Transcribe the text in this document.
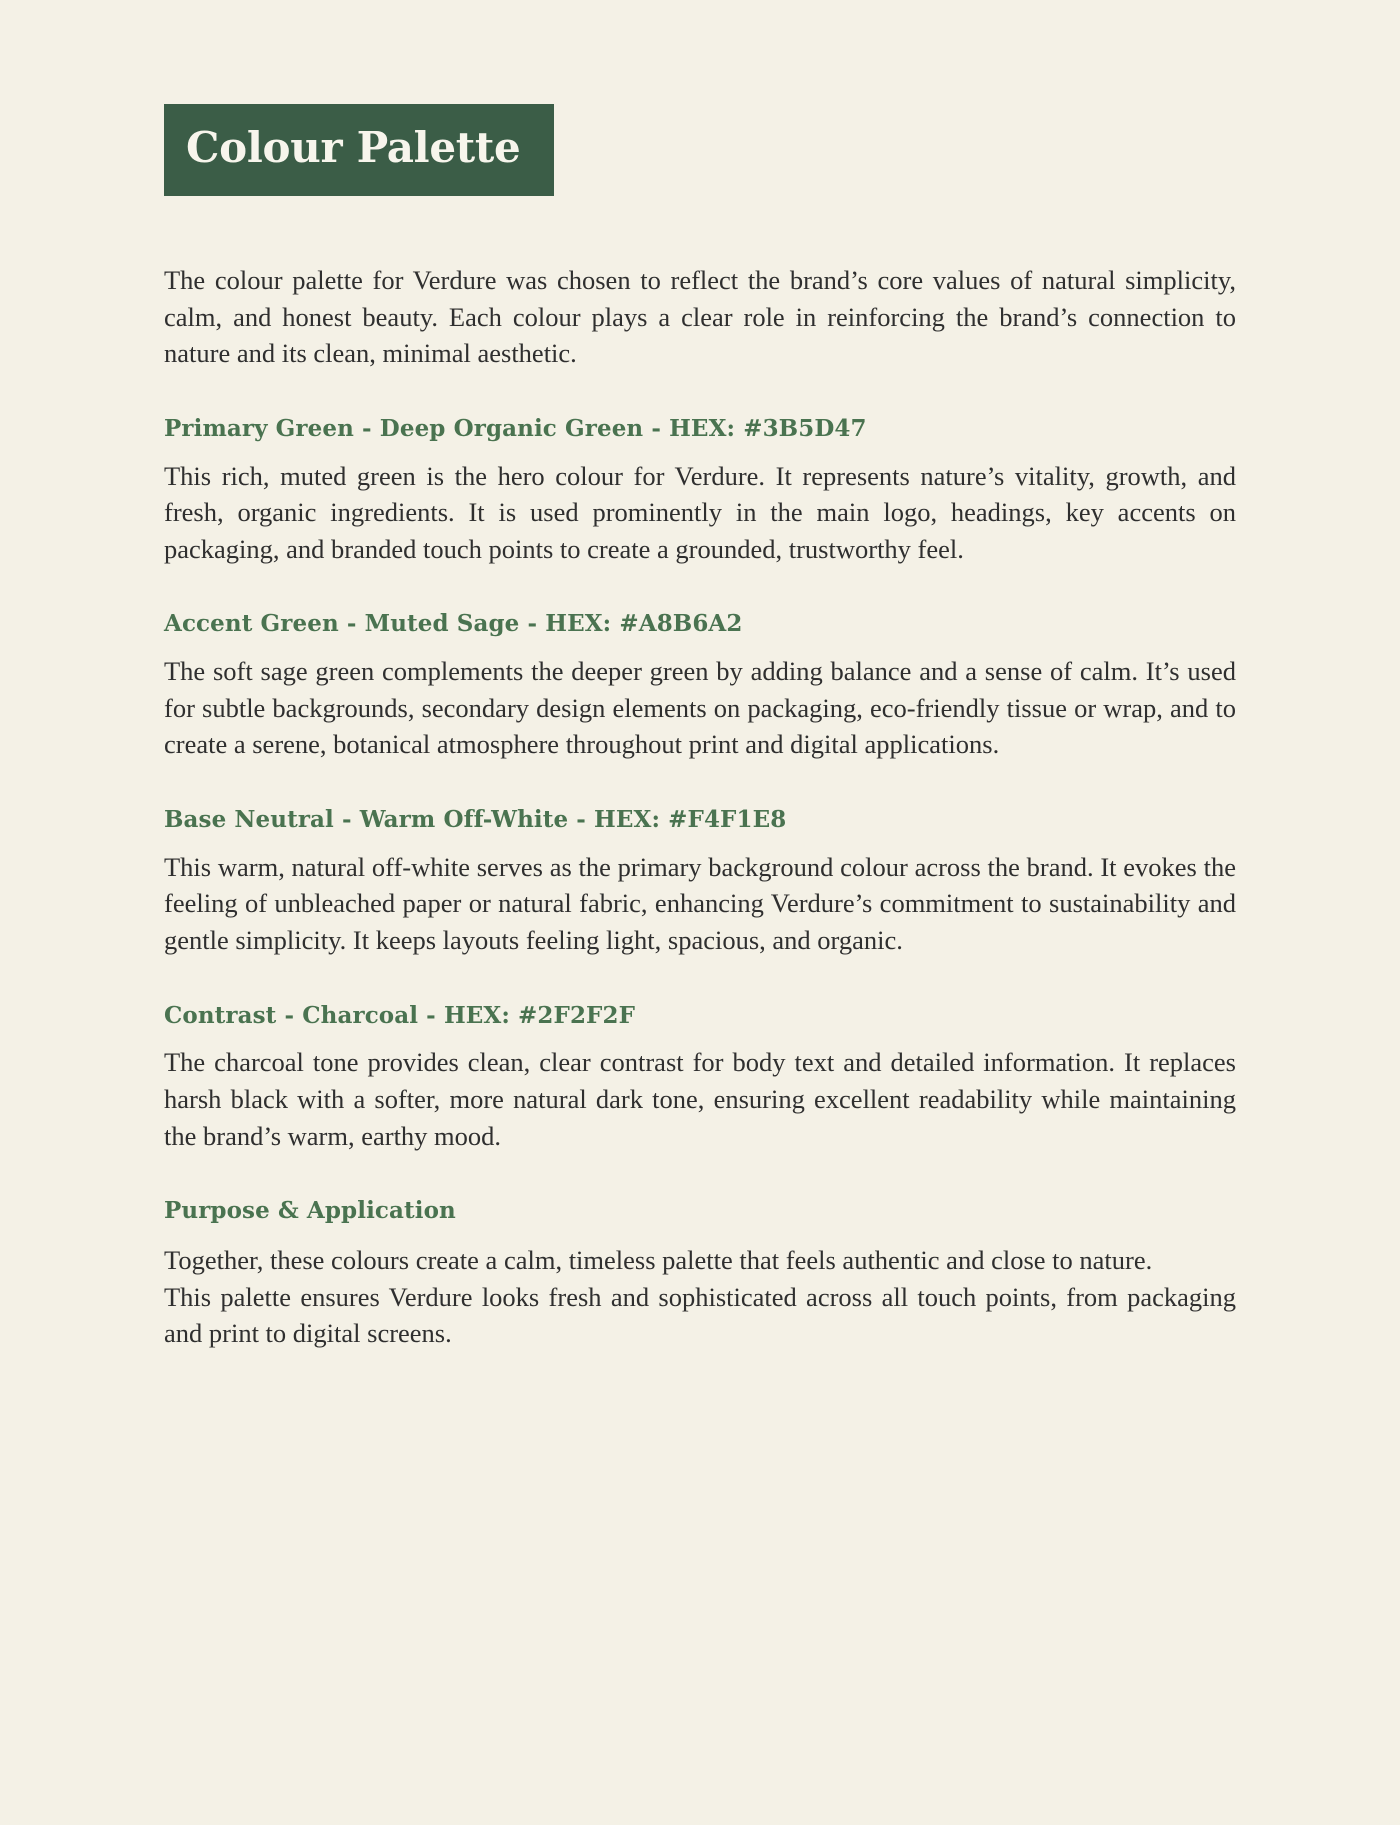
Colour Palette

The colour palette for Verdure was chosen to reflect the brand’s core values of natural simplicity, calm, and honest beauty. Each colour plays a clear role in reinforcing the brand’s connection to nature and its clean, minimal aesthetic.

Primary Green - Deep Organic Green - HEX: #3B5D47

This rich, muted green is the hero colour for Verdure. It represents nature’s vitality, growth, and fresh, organic ingredients. It is used prominently in the main logo, headings, key accents on packaging, and branded touch points to create a grounded, trustworthy feel.

Accent Green - Muted Sage - HEX: #A8B6A2

The soft sage green complements the deeper green by adding balance and a sense of calm. It’s used for subtle backgrounds, secondary design elements on packaging, eco-friendly tissue or wrap, and to create a serene, botanical atmosphere throughout print and digital applications.

Base Neutral - Warm Off-White - HEX: #F4F1E8

This warm, natural off-white serves as the primary background colour across the brand. It evokes the feeling of unbleached paper or natural fabric, enhancing Verdure’s commitment to sustainability and gentle simplicity. It keeps layouts feeling light, spacious, and organic.

Contrast - Charcoal - HEX: #2F2F2F

The charcoal tone provides clean, clear contrast for body text and detailed information. It replaces harsh black with a softer, more natural dark tone, ensuring excellent readability while maintaining the brand’s warm, earthy mood.

Purpose & Application

Together, these colours create a calm, timeless palette that feels authentic and close to nature.

This palette ensures Verdure looks fresh and sophisticated across all touch points, from packaging and print to digital screens.
